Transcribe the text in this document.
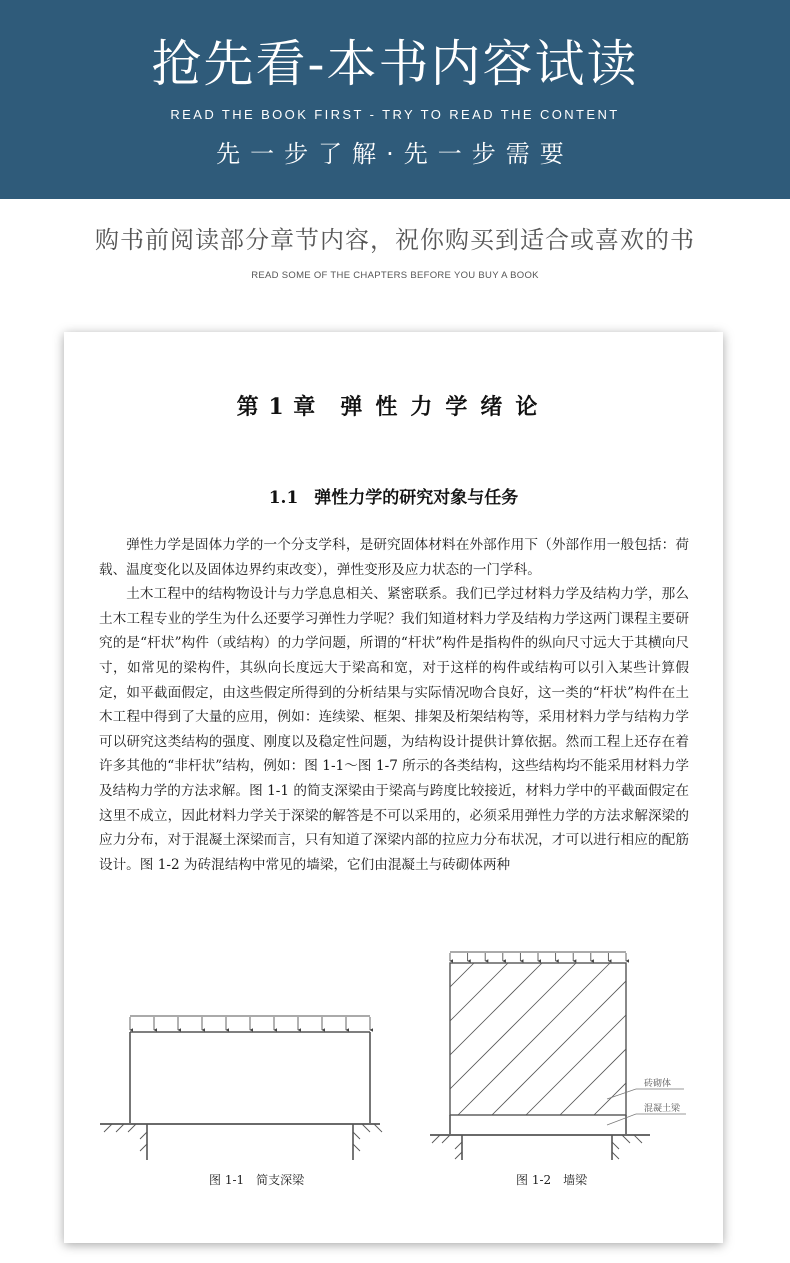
抢先看-本书内容试读
READ THE BOOK FIRST - TRY TO READ THE CONTENT
先一步了解·先一步需要
购书前阅读部分章节内容，祝你购买到适合或喜欢的书
READ SOME OF THE CHAPTERS BEFORE YOU BUY A BOOK
第 1 章 弹性力学绪论
1.1 弹性力学的研究对象与任务

弹性力学是固体力学的一个分支学科，是研究固体材料在外部作用下（外部作用一般包括：荷载、温度变化以及固体边界约束改变），弹性变形及应力状态的一门学科。

土木工程中的结构物设计与力学息息相关、紧密联系。我们已学过材料力学及结构力学，那么土木工程专业的学生为什么还要学习弹性力学呢？我们知道材料力学及结构力学这两门课程主要研究的是“杆状”构件（或结构）的力学问题，所谓的“杆状”构件是指构件的纵向尺寸远大于其横向尺寸，如常见的梁构件，其纵向长度远大于梁高和宽，对于这样的构件或结构可以引入某些计算假定，如平截面假定，由这些假定所得到的分析结果与实际情况吻合良好，这一类的“杆状”构件在土木工程中得到了大量的应用，例如：连续梁、框架、排架及桁架结构等，采用材料力学与结构力学可以研究这类结构的强度、刚度以及稳定性问题，为结构设计提供计算依据。然而工程上还存在着许多其他的“非杆状”结构，例如：图 1-1～图 1-7 所示的各类结构，这些结构均不能采用材料力学及结构力学的方法求解。图 1-1 的简支深梁由于梁高与跨度比较接近，材料力学中的平截面假定在这里不成立，因此材料力学关于深梁的解答是不可以采用的，必须采用弹性力学的方法求解深梁的应力分布，对于混凝土深梁而言，只有知道了深梁内部的拉应力分布状况，才可以进行相应的配筋设计。图 1-2 为砖混结构中常见的墙梁，它们由混凝土与砖砌体两种

砖砌体
混凝土梁
图 1-1　简支深梁	图 1-2　墙梁
